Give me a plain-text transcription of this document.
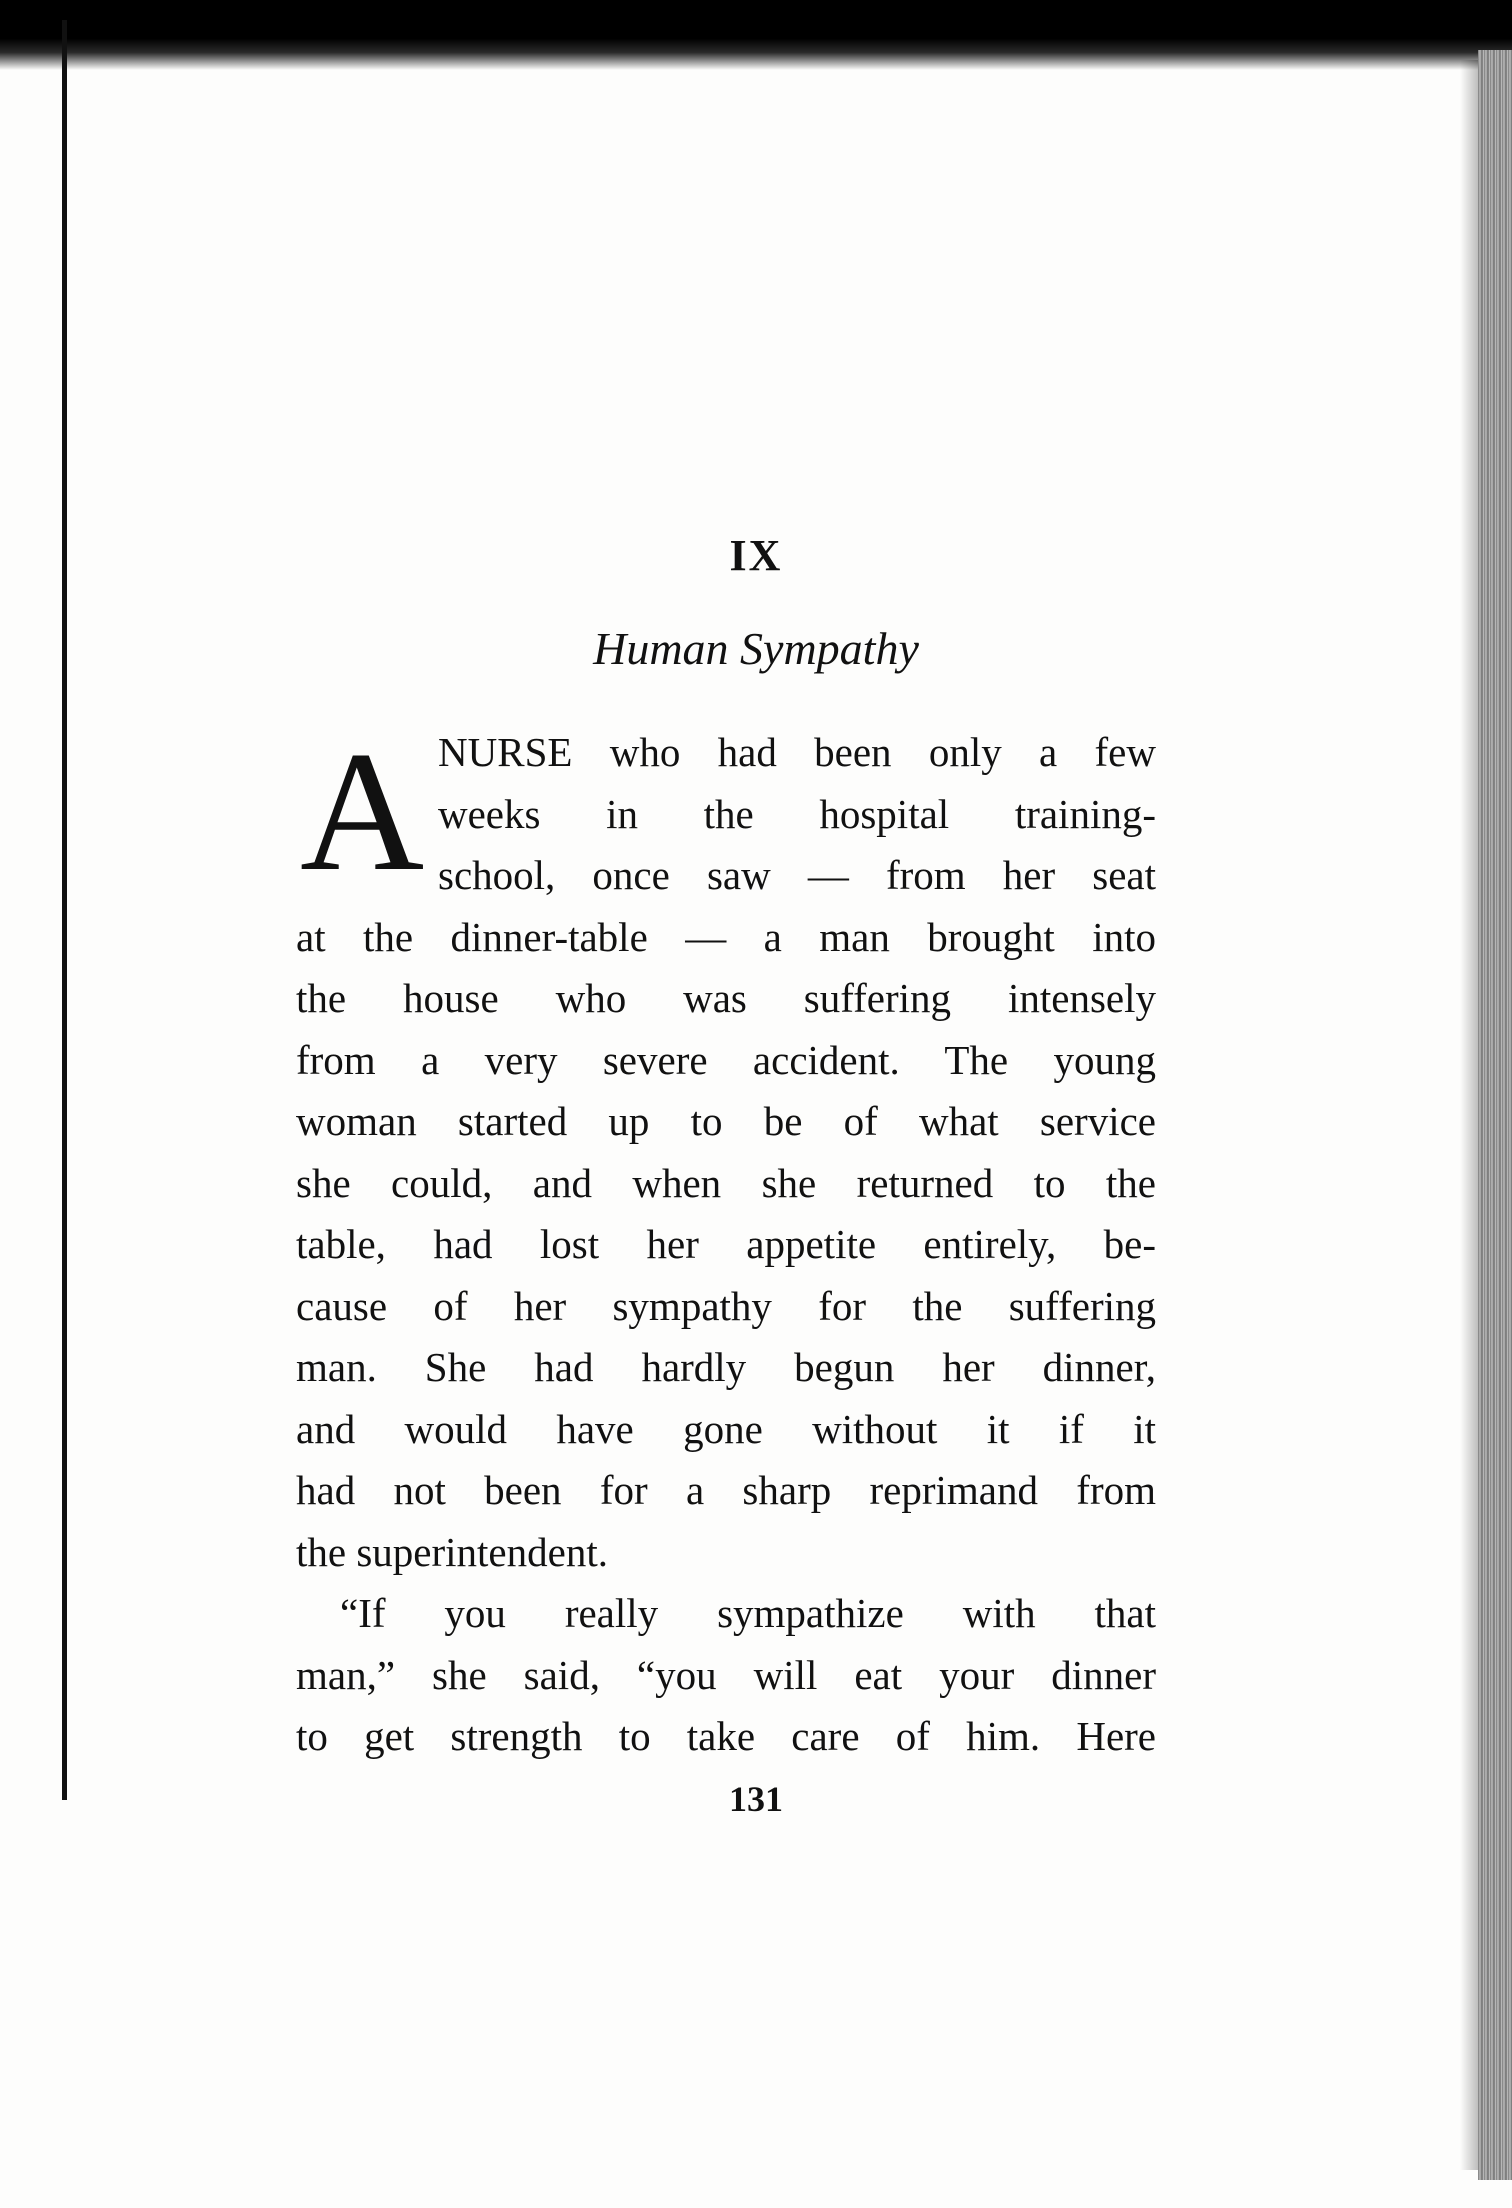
IX
Human Sympathy
A NURSE who had been only a few
weeks in the hospital training-
school, once saw — from her seat
at the dinner-table — a man brought into
the house who was suffering intensely
from a very severe accident. The young
woman started up to be of what service
she could, and when she returned to the
table, had lost her appetite entirely, be-
cause of her sympathy for the suffering
man. She had hardly begun her dinner,
and would have gone without it if it
had not been for a sharp reprimand from
the superintendent.
“If you really sympathize with that
man,” she said, “you will eat your dinner
to get strength to take care of him. Here
131
